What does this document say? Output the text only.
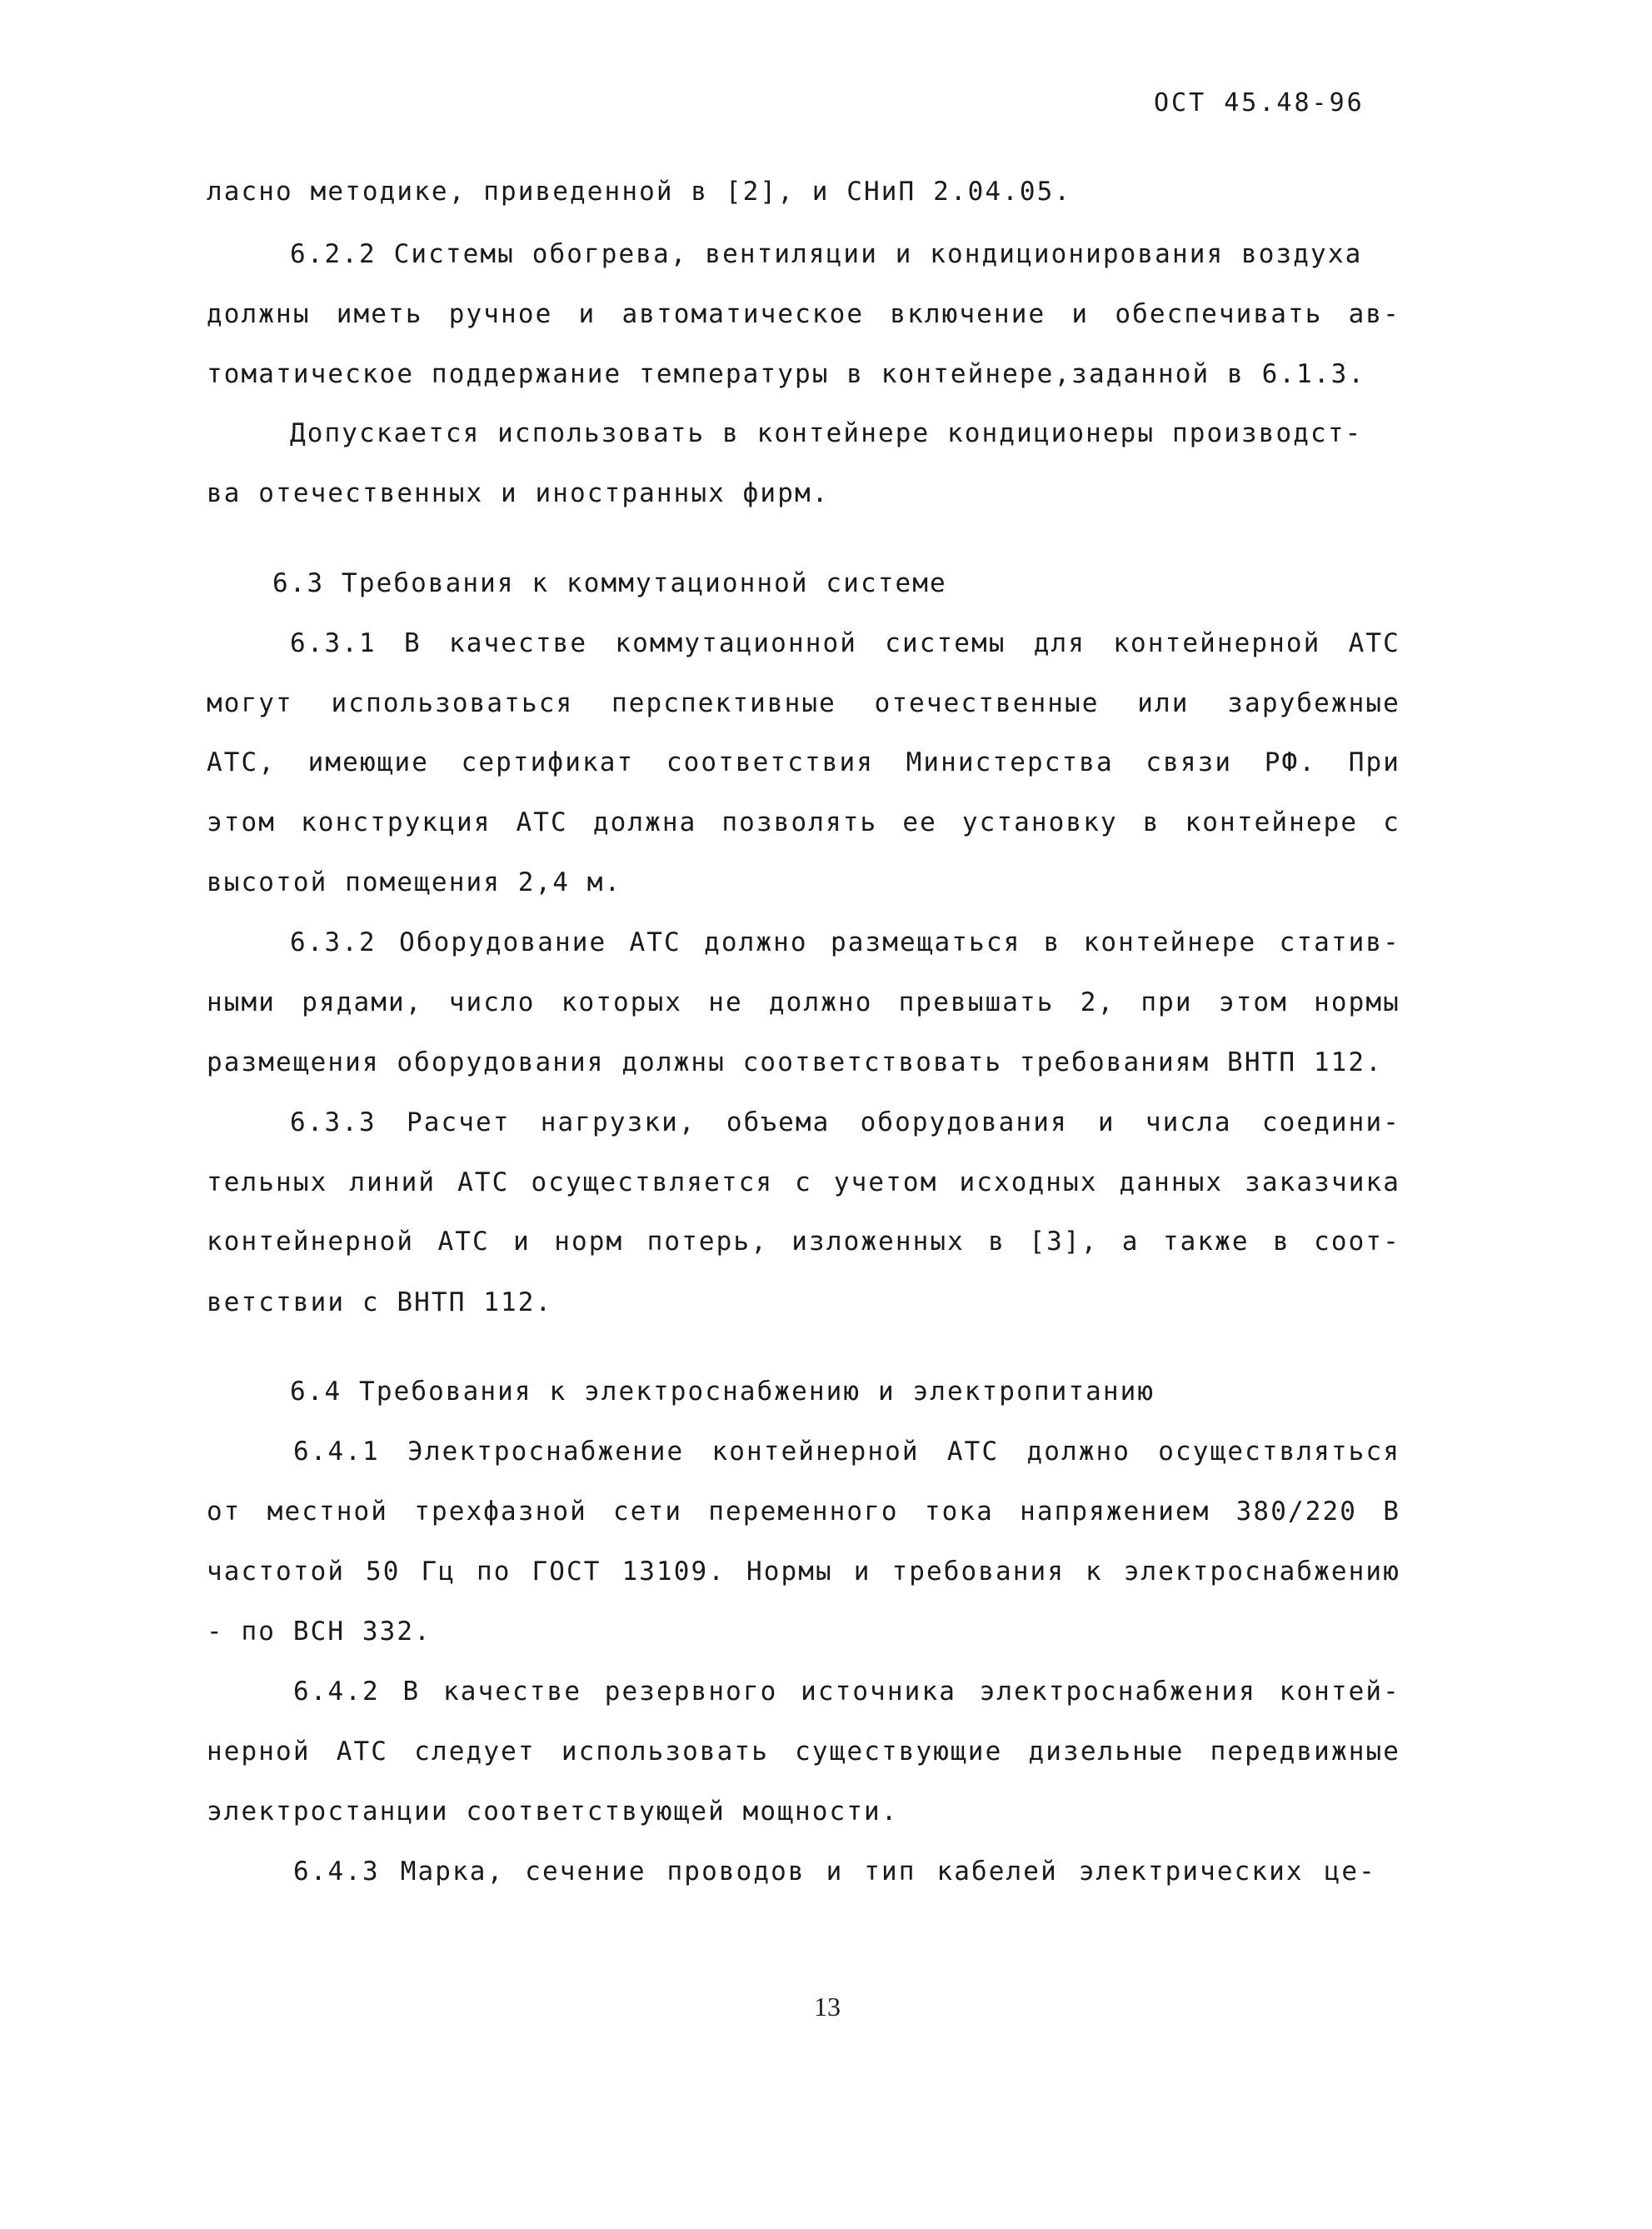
ОСТ 45.48-96
ласно методике, приведенной в [2], и СНиП 2.04.05.
6.2.2 Системы обогрева, вентиляции и кондиционирования воздуха
должны иметь ручное и автоматическое включение и обеспечивать ав-
томатическое поддержание температуры в контейнере,заданной в 6.1.3.
Допускается использовать в контейнере кондиционеры производст-
ва отечественных и иностранных фирм.
6.3 Требования к коммутационной системе
6.3.1 В качестве коммутационной системы для контейнерной АТС
могут использоваться перспективные отечественные или зарубежные
АТС, имеющие сертификат соответствия Министерства связи РФ. При
этом конструкция АТС должна позволять ее установку в контейнере с
высотой помещения 2,4 м.
6.3.2 Оборудование АТС должно размещаться в контейнере статив-
ными рядами, число которых не должно превышать 2, при этом нормы
размещения оборудования должны соответствовать требованиям ВНТП 112.
6.3.3 Расчет нагрузки, объема оборудования и числа соедини-
тельных линий АТС осуществляется с учетом исходных данных заказчика
контейнерной АТС и норм потерь, изложенных в [3], а также в соот-
ветствии с ВНТП 112.
6.4 Требования к электроснабжению и электропитанию
6.4.1 Электроснабжение контейнерной АТС должно осуществляться
от местной трехфазной сети переменного тока напряжением 380/220 В
частотой 50 Гц по ГОСТ 13109. Нормы и требования к электроснабжению
- по ВСН 332.
6.4.2 В качестве резервного источника электроснабжения контей-
нерной АТС следует использовать существующие дизельные передвижные
электростанции соответствующей мощности.
6.4.3 Марка, сечение проводов и тип кабелей электрических це-
13
